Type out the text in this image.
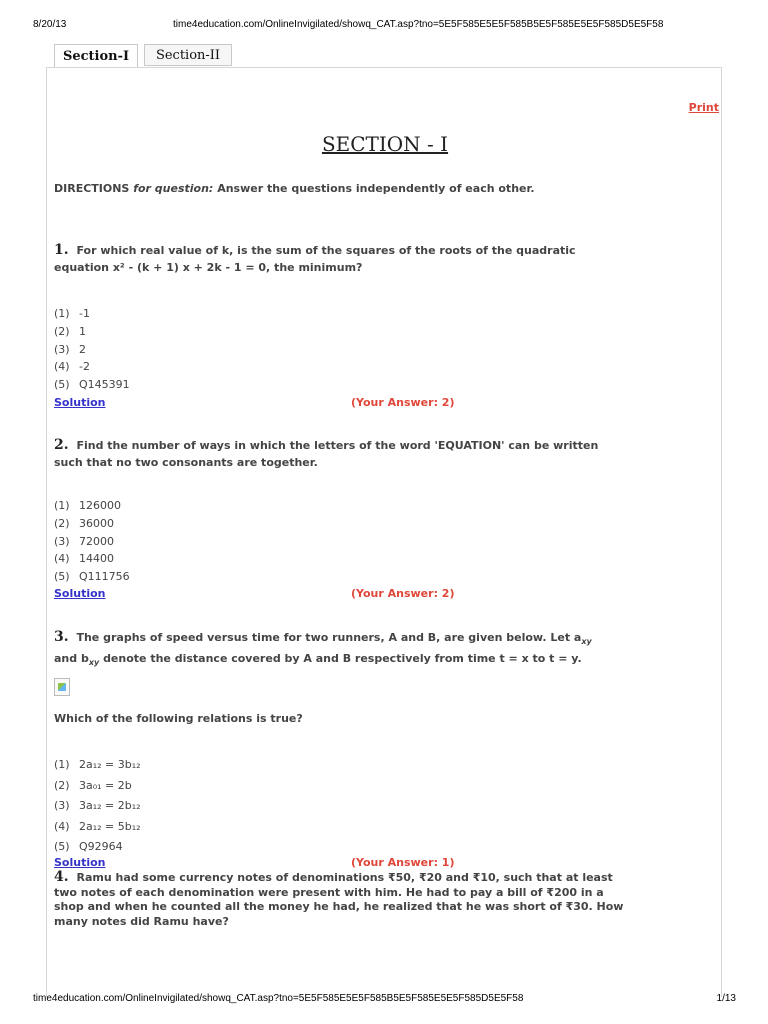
8/20/13	time4education.com/OnlineInvigilated/showq_CAT.asp?tno=5E5F585E5E5F585B5E5F585E5E5F585D5E5F58
Section-I	Section-II
Print
SECTION - I
DIRECTIONS for question: Answer the questions independently of each other.
1. For which real value of k, is the sum of the squares of the roots of the quadratic
equation x² - (k + 1) x + 2k - 1 = 0, the minimum?
(1) -1
(2) 1
(3) 2
(4) -2
(5) Q145391
Solution	(Your Answer: 2)
2. Find the number of ways in which the letters of the word 'EQUATION' can be written
such that no two consonants are together.
(1) 126000
(2) 36000
(3) 72000
(4) 14400
(5) Q111756
Solution	(Your Answer: 2)
3. The graphs of speed versus time for two runners, A and B, are given below. Let $a_{xy}$
and $b_{xy}$ denote the distance covered by A and B respectively from time t = x to t = y.
Which of the following relations is true?
(1) 2a₁₂ = 3b₁₂
(2) 3a₀₁ = 2b
(3) 3a₁₂ = 2b₁₂
(4) 2a₁₂ = 5b₁₂
(5) Q92964
Solution	(Your Answer: 1)
4. Ramu had some currency notes of denominations ₹50, ₹20 and ₹10, such that at least
two notes of each denomination were present with him. He had to pay a bill of ₹200 in a
shop and when he counted all the money he had, he realized that he was short of ₹30. How
many notes did Ramu have?
time4education.com/OnlineInvigilated/showq_CAT.asp?tno=5E5F585E5E5F585B5E5F585E5E5F585D5E5F58	1/13
